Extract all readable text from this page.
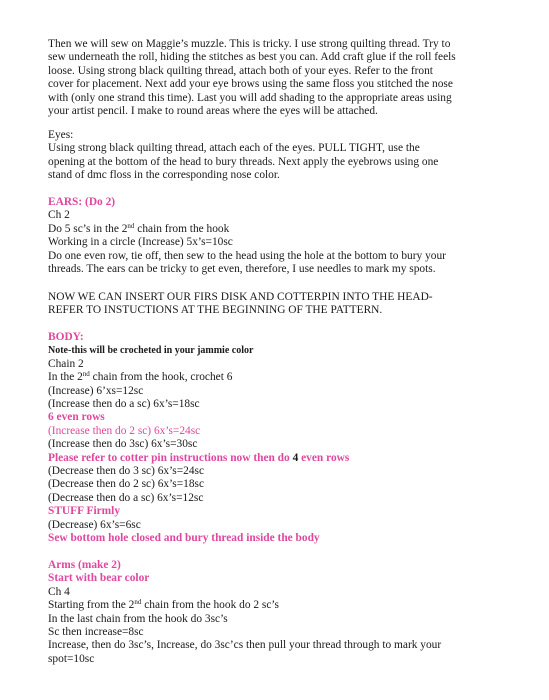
Then we will sew on Maggie’s muzzle. This is tricky. I use strong quilting thread. Try to
sew underneath the roll, hiding the stitches as best you can. Add craft glue if the roll feels
loose. Using strong black quilting thread, attach both of your eyes. Refer to the front
cover for placement. Next add your eye brows using the same floss you stitched the nose
with (only one strand this time). Last you will add shading to the appropriate areas using
your artist pencil. I make to round areas where the eyes will be attached.
Eyes:
Using strong black quilting thread, attach each of the eyes. PULL TIGHT, use the
opening at the bottom of the head to bury threads. Next apply the eyebrows using one
stand of dmc floss in the corresponding nose color.
EARS: (Do 2)
Ch 2
Do 5 sc’s in the 2nd chain from the hook
Working in a circle (Increase) 5x’s=10sc
Do one even row, tie off, then sew to the head using the hole at the bottom to bury your
threads. The ears can be tricky to get even, therefore, I use needles to mark my spots.
NOW WE CAN INSERT OUR FIRS DISK AND COTTERPIN INTO THE HEAD-
REFER TO INSTUCTIONS AT THE BEGINNING OF THE PATTERN.
BODY:
Note-this will be crocheted in your jammie color
Chain 2
In the 2nd chain from the hook, crochet 6
(Increase) 6’xs=12sc
(Increase then do a sc) 6x’s=18sc
6 even rows
(Increase then do 2 sc) 6x’s=24sc
(Increase then do 3sc) 6x’s=30sc
Please refer to cotter pin instructions now then do 4 even rows
(Decrease then do 3 sc) 6x’s=24sc
(Decrease then do 2 sc) 6x’s=18sc
(Decrease then do a sc) 6x’s=12sc
STUFF Firmly
(Decrease) 6x’s=6sc
Sew bottom hole closed and bury thread inside the body
Arms (make 2)
Start with bear color
Ch 4
Starting from the 2nd chain from the hook do 2 sc’s
In the last chain from the hook do 3sc’s
Sc then increase=8sc
Increase, then do 3sc’s, Increase, do 3sc’cs then pull your thread through to mark your
spot=10sc
